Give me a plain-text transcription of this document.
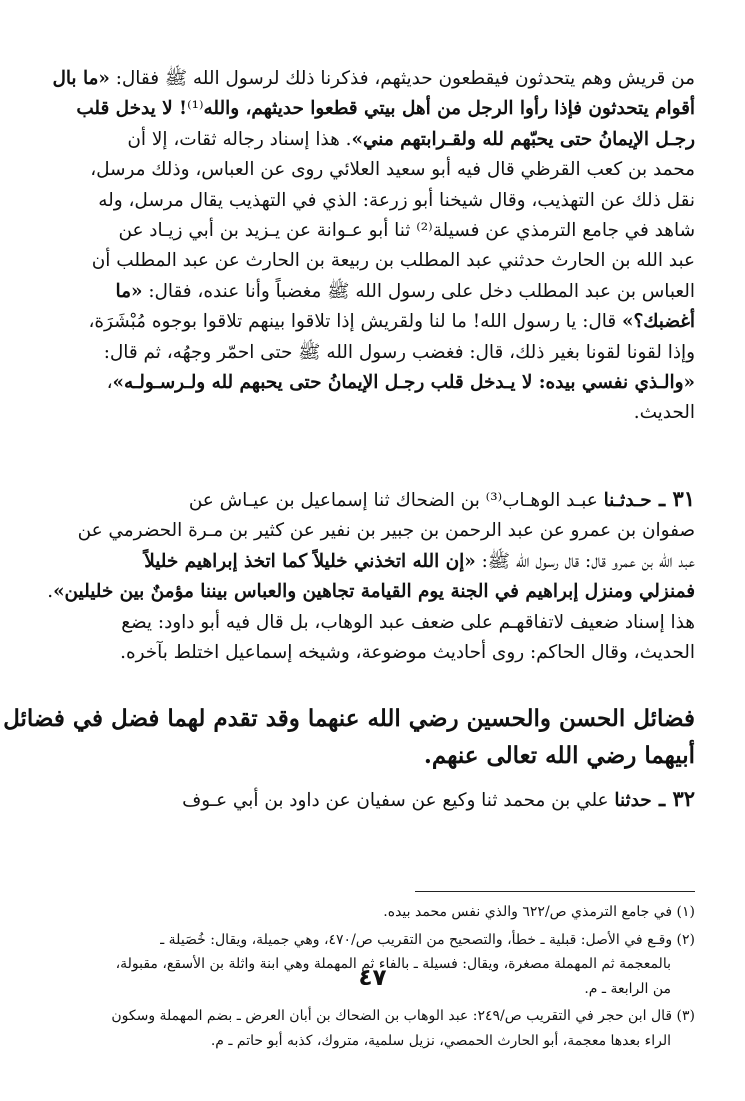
من قريش وهم يتحدثون فيقطعون حديثهم، فذكرنا ذلك لرسول الله ﷺ فقال: «ما بال

أقوام يتحدثون فإذا رأوا الرجل من أهل بيتي قطعوا حديثهم، والله⁽¹⁾! لا يدخل قلب

رجـل الإيمانُ حتى يحبّهم لله ولقـرابتهم مني». هذا إسناد رجاله ثقات، إلا أن

محمد بن كعب القرظي قال فيه أبو سعيد العلائي روى عن العباس، وذلك مرسل،

نقل ذلك عن التهذيب، وقال شيخنا أبو زرعة: الذي في التهذيب يقال مرسل، وله

شاهد في جامع الترمذي عن فسيلة⁽²⁾ ثنا أبو عـوانة عن يـزيد بن أبي زيـاد عن

عبد الله بن الحارث حدثني عبد المطلب بن ربيعة بن الحارث عن عبد المطلب أن

العباس بن عبد المطلب دخل على رسول الله ﷺ مغضباً وأنا عنده، فقال: «ما

أغضبك؟» قال: يا رسول الله! ما لنا ولقريش إذا تلاقوا بينهم تلاقوا بوجوه مُبْشَرَة،

وإذا لقونا لقونا بغير ذلك، قال: فغضب رسول الله ﷺ حتى احمّر وجهُه، ثم قال:

«والـذي نفسي بيده: لا يـدخل قلب رجـل الإيمانُ حتى يحبهم لله ولـرسـولـه»،

الحديث.

٣١ ـ حـدثـنا عبـد الوهـاب⁽³⁾ بن الضحاك ثنا إسماعيل بن عيـاش عن

صفوان بن عمرو عن عبد الرحمن بن جبير بن نفير عن كثير بن مـرة الحضرمي عن

عبد الله بن عمرو قال: قال رسول الله ﷺ: «إن الله اتخذني خليلاً كما اتخذ إبراهيم خليلاً

فمنزلي ومنزل إبراهيم في الجنة يوم القيامة تجاهين والعباس بيننا مؤمنٌ بين خليلين».

هذا إسناد ضعيف لاتفاقهـم على ضعف عبد الوهاب، بل قال فيه أبو داود: يضع

الحديث، وقال الحاكم: روى أحاديث موضوعة، وشيخه إسماعيل اختلط بآخره.

فضائل الحسن والحسين رضي الله عنهما وقد تقدم لهما فضل في فضائل

أبيهما رضي الله تعالى عنهم.

٣٢ ـ حدثنا علي بن محمد ثنا وكيع عن سفيان عن داود بن أبي عـوف

(١) في جامع الترمذي ص/٦٢٢ والذي نفس محمد بيده.

(٢) وقـع في الأصل: قبلية ـ خطأ، والتصحيح من التقريب ص/٤٧٠، وهي جميلة، ويقال: خُصَيلة ـ

بالمعجمة ثم المهملة مصغرة، ويقال: فسيلة ـ بالفاء ثم المهملة وهي ابنة واثلة بن الأسقع، مقبولة،

من الرابعة ـ م.

(٣) قال ابن حجر في التقريب ص/٢٤٩: عبد الوهاب بن الضحاك بن أبان العرض ـ بضم المهملة وسكون

الراء بعدها معجمة، أبو الحارث الحمصي، نزيل سلمية، متروك، كذبه أبو حاتم ـ م.

٤٧
